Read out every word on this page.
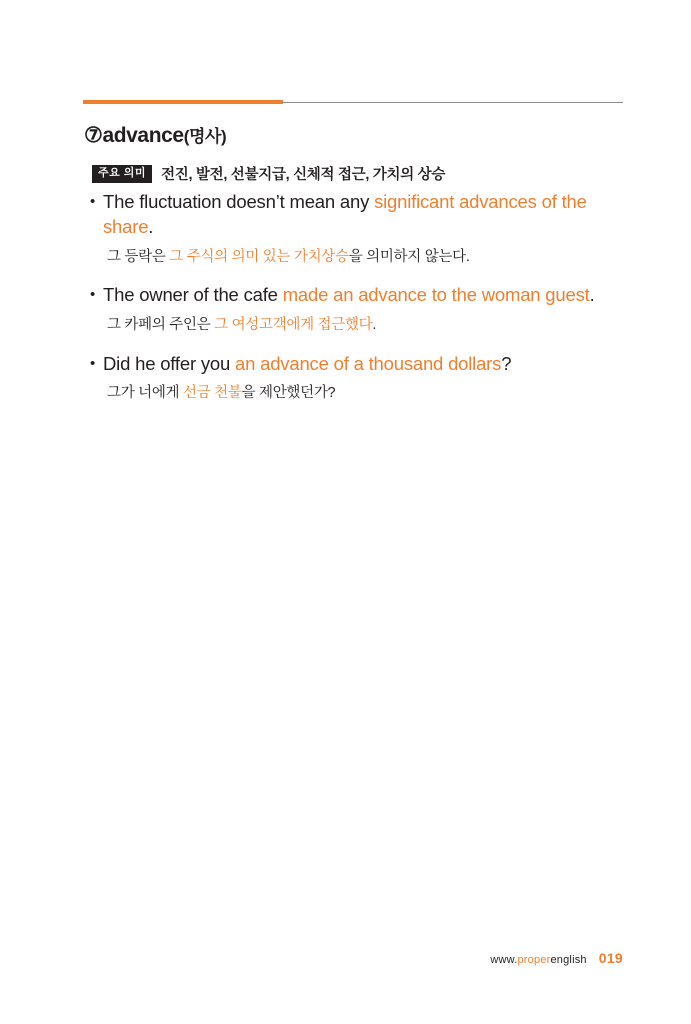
⑦advance(명사)
주요 의미	전진, 발전, 선불지급, 신체적 접근, 가치의 상승
• The fluctuation doesn’t mean any significant advances of the share.
그 등락은 그 주식의 의미 있는 가치상승을 의미하지 않는다.
• The owner of the cafe made an advance to the woman guest.
그 카페의 주인은 그 여성고객에게 접근했다.
• Did he offer you an advance of a thousand dollars?
그가 너에게 선금 천불을 제안했던가?
www.properenglish 019
